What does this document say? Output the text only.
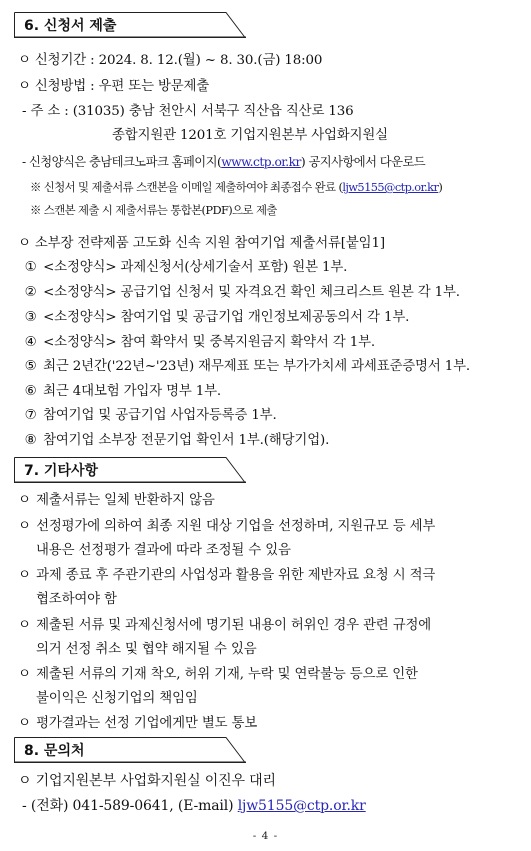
6. 신청서 제출
ㅇ 신청기간 : 2024. 8. 12.(월) ~ 8. 30.(금) 18:00
ㅇ 신청방법 : 우편 또는 방문제출
- 주 소 : (31035) 충남 천안시 서북구 직산읍 직산로 136
종합지원관 1201호 기업지원본부 사업화지원실
- 신청양식은 충남테크노파크 홈페이지(www.ctp.or.kr) 공지사항에서 다운로드
※ 신청서 및 제출서류 스캔본을 이메일 제출하여야 최종접수 완료 (ljw5155@ctp.or.kr)
※ 스캔본 제출 시 제출서류는 통합본(PDF)으로 제출
ㅇ 소부장 전략제품 고도화 신속 지원 참여기업 제출서류[붙임1]
① <소정양식> 과제신청서(상세기술서 포함) 원본 1부.
② <소정양식> 공급기업 신청서 및 자격요건 확인 체크리스트 원본 각 1부.
③ <소정양식> 참여기업 및 공급기업 개인정보제공동의서 각 1부.
④ <소정양식> 참여 확약서 및 중복지원금지 확약서 각 1부.
⑤ 최근 2년간('22년~'23년) 재무제표 또는 부가가치세 과세표준증명서 1부.
⑥ 최근 4대보험 가입자 명부 1부.
⑦ 참여기업 및 공급기업 사업자등록증 1부.
⑧ 참여기업 소부장 전문기업 확인서 1부.(해당기업).
7. 기타사항
ㅇ 제출서류는 일체 반환하지 않음
ㅇ 선정평가에 의하여 최종 지원 대상 기업을 선정하며, 지원규모 등 세부
내용은 선정평가 결과에 따라 조정될 수 있음
ㅇ 과제 종료 후 주관기관의 사업성과 활용을 위한 제반자료 요청 시 적극
협조하여야 함
ㅇ 제출된 서류 및 과제신청서에 명기된 내용이 허위인 경우 관련 규정에
의거 선정 취소 및 협약 해지될 수 있음
ㅇ 제출된 서류의 기재 착오, 허위 기재, 누락 및 연락불능 등으로 인한
불이익은 신청기업의 책임임
ㅇ 평가결과는 선정 기업에게만 별도 통보
8. 문의처
ㅇ 기업지원본부 사업화지원실 이진우 대리
- (전화) 041-589-0641, (E-mail) ljw5155@ctp.or.kr
- 4 -
